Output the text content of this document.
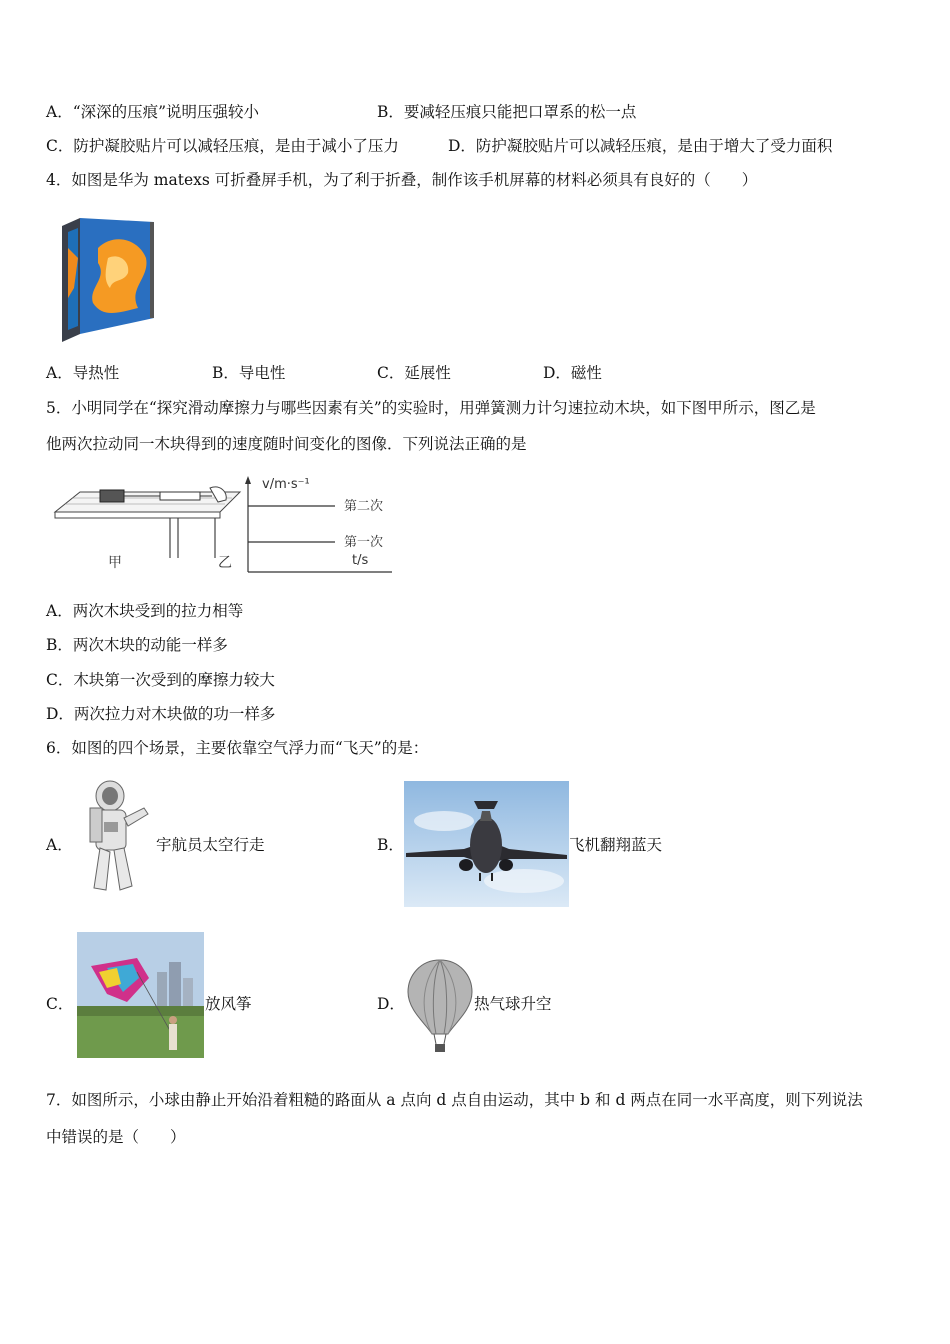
A．“深深的压痕”说明压强较小	B．要减轻压痕只能把口罩系的松一点
C．防护凝胶贴片可以减轻压痕，是由于减小了压力	D．防护凝胶贴片可以减轻压痕，是由于增大了受力面积
4．如图是华为 matexs 可折叠屏手机，为了利于折叠，制作该手机屏幕的材料必须具有良好的（　　）
A．导热性	B．导电性	C．延展性	D．磁性
5．小明同学在“探究滑动摩擦力与哪些因素有关”的实验时，用弹簧测力计匀速拉动木块，如下图甲所示，图乙是
他两次拉动同一木块得到的速度随时间变化的图像．下列说法正确的是
甲	乙
v/m·s⁻¹
第二次
第一次
t/s
A．两次木块受到的拉力相等
B．两次木块的动能一样多
C．木块第一次受到的摩擦力较大
D．两次拉力对木块做的功一样多
6．如图的四个场景，主要依靠空气浮力而“飞天”的是：
A．	宇航员太空行走	B．	飞机翻翔蓝天
C．	放风筝	D．	热气球升空
7．如图所示，小球由静止开始沿着粗糙的路面从 a 点向 d 点自由运动，其中 b 和 d 两点在同一水平高度，则下列说法
中错误的是（　　）
